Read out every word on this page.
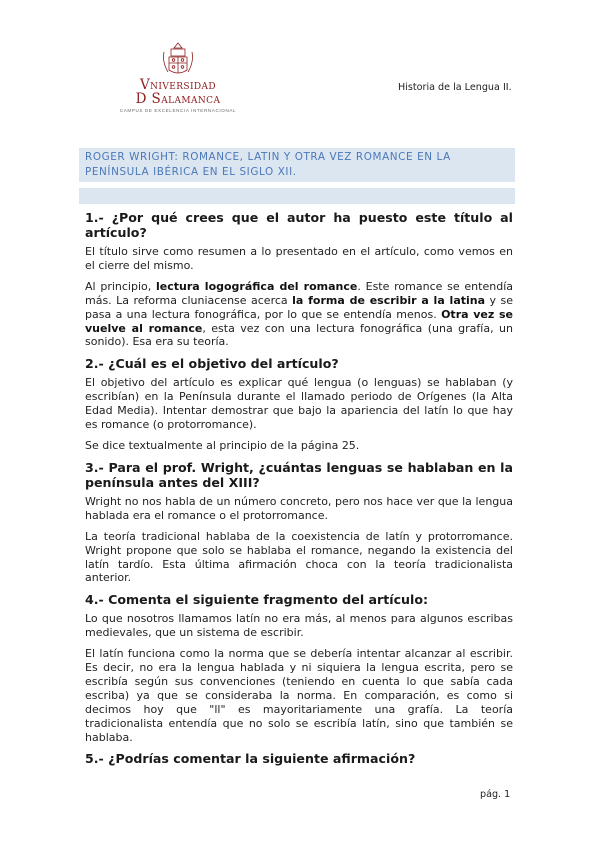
Vniversidad
D Salamanca
CAMPUS DE EXCELENCIA INTERNACIONAL
Historia de la Lengua II.
ROGER WRIGHT: ROMANCE, LATIN Y OTRA VEZ ROMANCE EN LA
PENÍNSULA IBÉRICA EN EL SIGLO XII.
1.- ¿Por qué crees que el autor ha puesto este título al artículo?

El título sirve como resumen a lo presentado en el artículo, como vemos en el cierre del mismo.

Al principio, lectura logográfica del romance. Este romance se entendía más. La reforma cluniacense acerca la forma de escribir a la latina y se pasa a una lectura fonográfica, por lo que se entendía menos. Otra vez se vuelve al romance, esta vez con una lectura fonográfica (una grafía, un sonido). Esa era su teoría.

2.- ¿Cuál es el objetivo del artículo?

El objetivo del artículo es explicar qué lengua (o lenguas) se hablaban (y escribían) en la Península durante el llamado periodo de Orígenes (la Alta Edad Media). Intentar demostrar que bajo la apariencia del latín lo que hay es romance (o protorromance).

Se dice textualmente al principio de la página 25.

3.- Para el prof. Wright, ¿cuántas lenguas se hablaban en la península antes del XIII?

Wright no nos habla de un número concreto, pero nos hace ver que la lengua hablada era el romance o el protorromance.

La teoría tradicional hablaba de la coexistencia de latín y protorromance. Wright propone que solo se hablaba el romance, negando la existencia del latín tardío. Esta última afirmación choca con la teoría tradicionalista anterior.

4.- Comenta el siguiente fragmento del artículo:

Lo que nosotros llamamos latín no era más, al menos para algunos escribas medievales, que un sistema de escribir.

El latín funciona como la norma que se debería intentar alcanzar al escribir. Es decir, no era la lengua hablada y ni siquiera la lengua escrita, pero se escribía según sus convenciones (teniendo en cuenta lo que sabía cada escriba) ya que se consideraba la norma. En comparación, es como si decimos hoy que "ll" es mayoritariamente una grafía. La teoría tradicionalista entendía que no solo se escribía latín, sino que también se hablaba.

5.- ¿Podrías comentar la siguiente afirmación?
pág. 1
